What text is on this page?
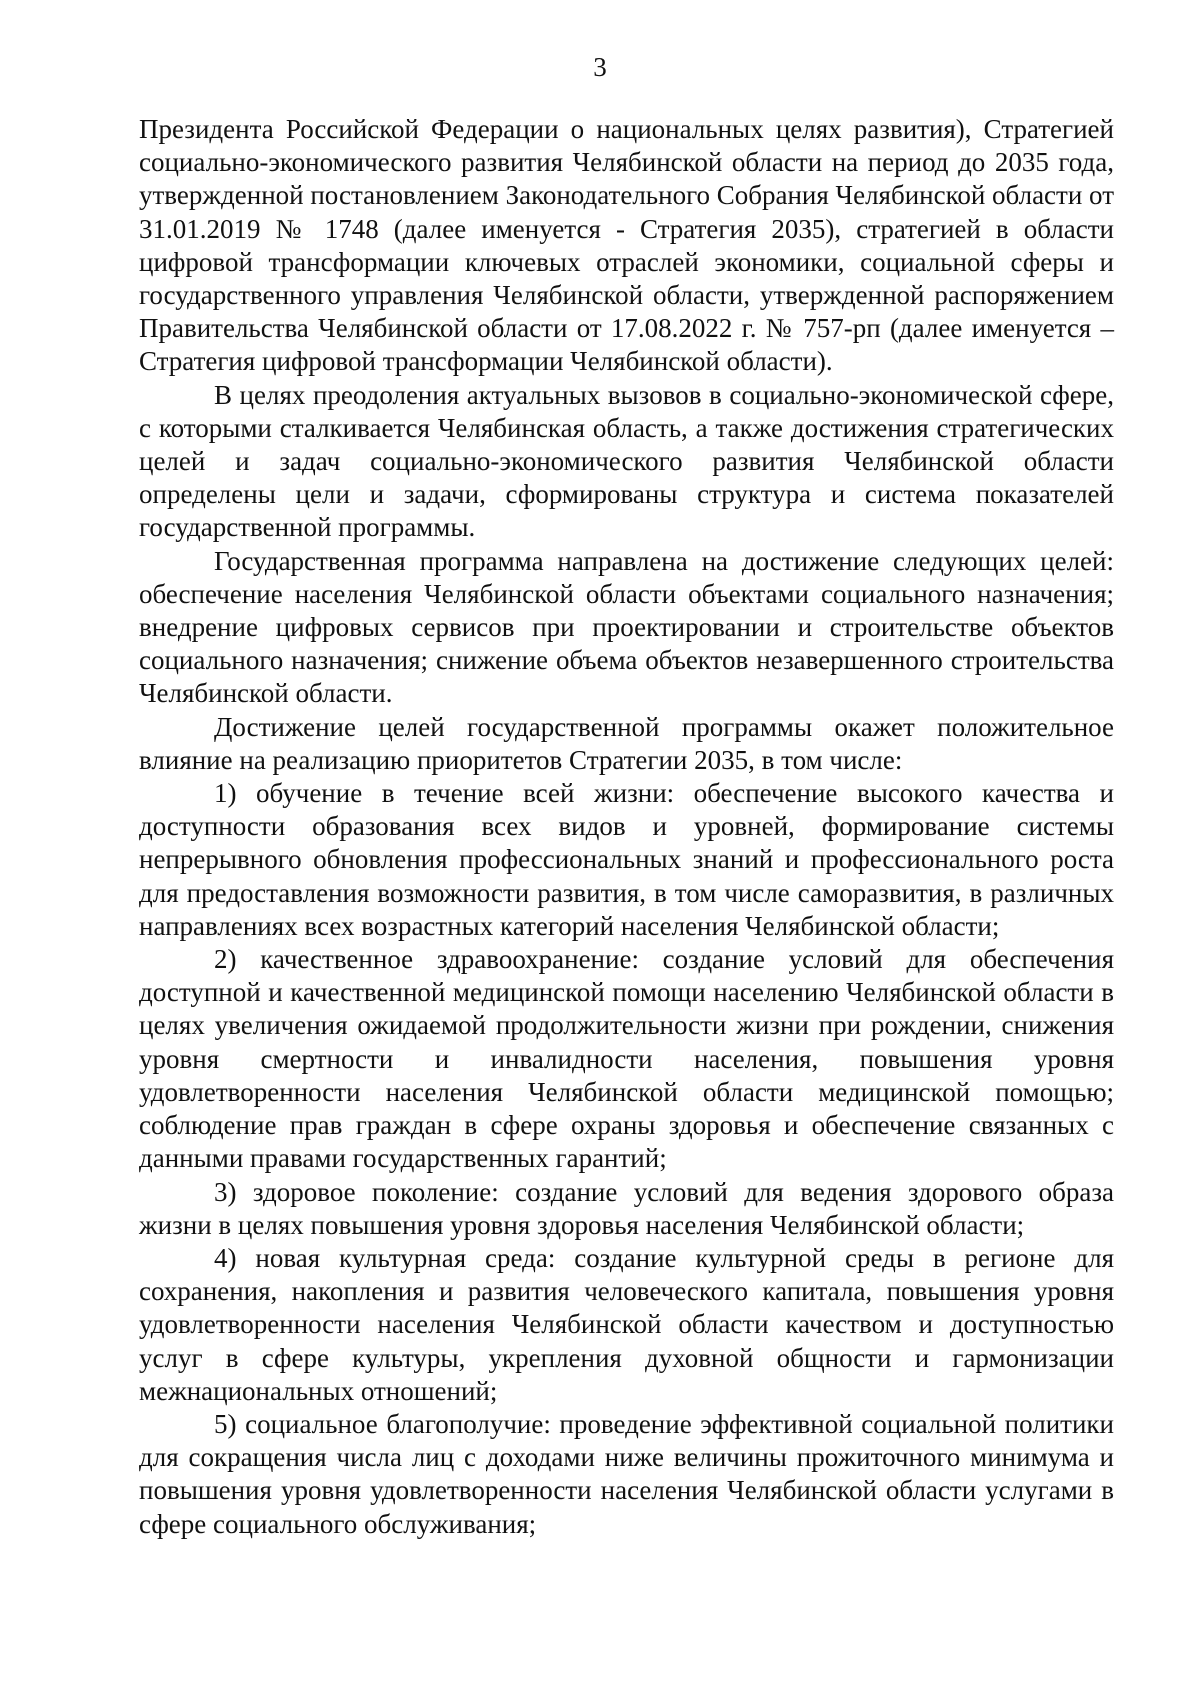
3

Президента Российской Федерации о национальных целях развития), Стратегией социально-экономического развития Челябинской области на период до 2035 года, утвержденной постановлением Законодательного Собрания Челябинской области от 31.01.2019 № 1748 (далее именуется - Стратегия 2035), стратегией в области цифровой трансформации ключевых отраслей экономики, социальной сферы и государственного управления Челябинской области, утвержденной распоряжением Правительства Челябинской области от 17.08.2022 г. № 757-рп (далее именуется – Стратегия цифровой трансформации Челябинской области).

В целях преодоления актуальных вызовов в социально-экономической сфере, с которыми сталкивается Челябинская область, а также достижения стратегических целей и задач социально-экономического развития Челябинской области определены цели и задачи, сформированы структура и система показателей государственной программы.

Государственная программа направлена на достижение следующих целей: обеспечение населения Челябинской области объектами социального назначения; внедрение цифровых сервисов при проектировании и строительстве объектов социального назначения; снижение объема объектов незавершенного строительства Челябинской области.

Достижение целей государственной программы окажет положительное влияние на реализацию приоритетов Стратегии 2035, в том числе:

1) обучение в течение всей жизни: обеспечение высокого качества и доступности образования всех видов и уровней, формирование системы непрерывного обновления профессиональных знаний и профессионального роста для предоставления возможности развития, в том числе саморазвития, в различных направлениях всех возрастных категорий населения Челябинской области;

2) качественное здравоохранение: создание условий для обеспечения доступной и качественной медицинской помощи населению Челябинской области в целях увеличения ожидаемой продолжительности жизни при рождении, снижения уровня смертности и инвалидности населения, повышения уровня удовлетворенности населения Челябинской области медицинской помощью; соблюдение прав граждан в сфере охраны здоровья и обеспечение связанных с данными правами государственных гарантий;

3) здоровое поколение: создание условий для ведения здорового образа жизни в целях повышения уровня здоровья населения Челябинской области;

4) новая культурная среда: создание культурной среды в регионе для сохранения, накопления и развития человеческого капитала, повышения уровня удовлетворенности населения Челябинской области качеством и доступностью услуг в сфере культуры, укрепления духовной общности и гармонизации межнациональных отношений;

5) социальное благополучие: проведение эффективной социальной политики для сокращения числа лиц с доходами ниже величины прожиточного минимума и повышения уровня удовлетворенности населения Челябинской области услугами в сфере социального обслуживания;
